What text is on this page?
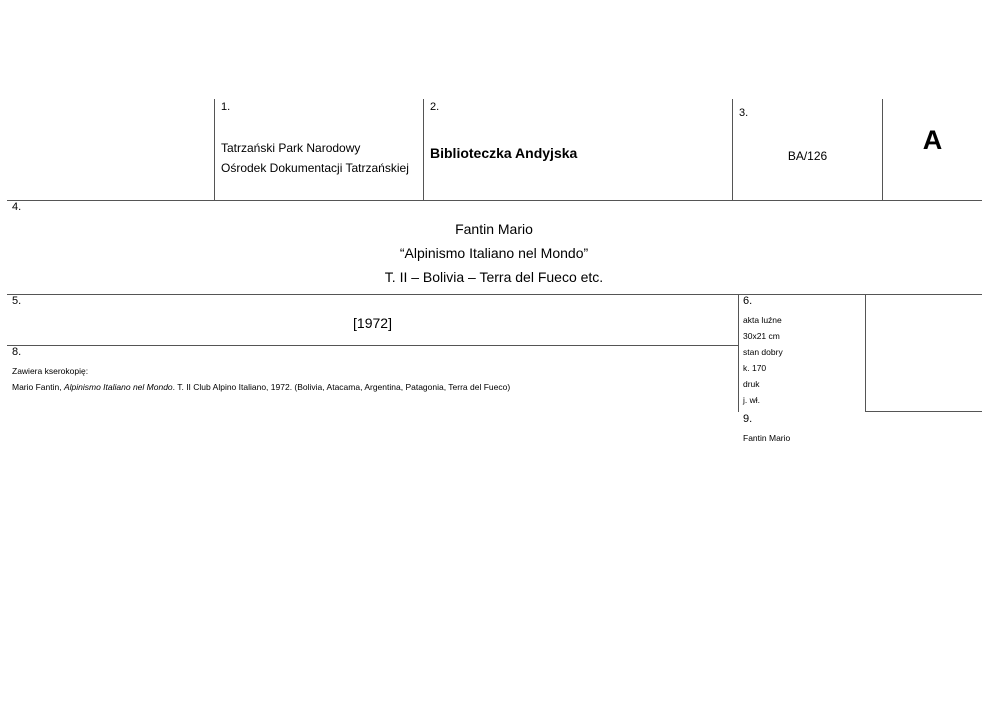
1.
Tatrzański Park Narodowy
Ośrodek Dokumentacji Tatrzańskiej
2.
Biblioteczka Andyjska
3.
BA/126
A
4.
Fantin Mario
“Alpinismo Italiano nel Mondo”
T. II – Bolivia – Terra del Fueco etc.
5.
[1972]
6.
akta luźne
30x21 cm
stan dobry
k. 170
druk
j. wł.
8.
Zawiera kserokopię:
Mario Fantin, Alpinismo Italiano nel Mondo. T. II Club Alpino Italiano, 1972. (Bolivia, Atacama, Argentina, Patagonia, Terra del Fueco)
9.
Fantin Mario
